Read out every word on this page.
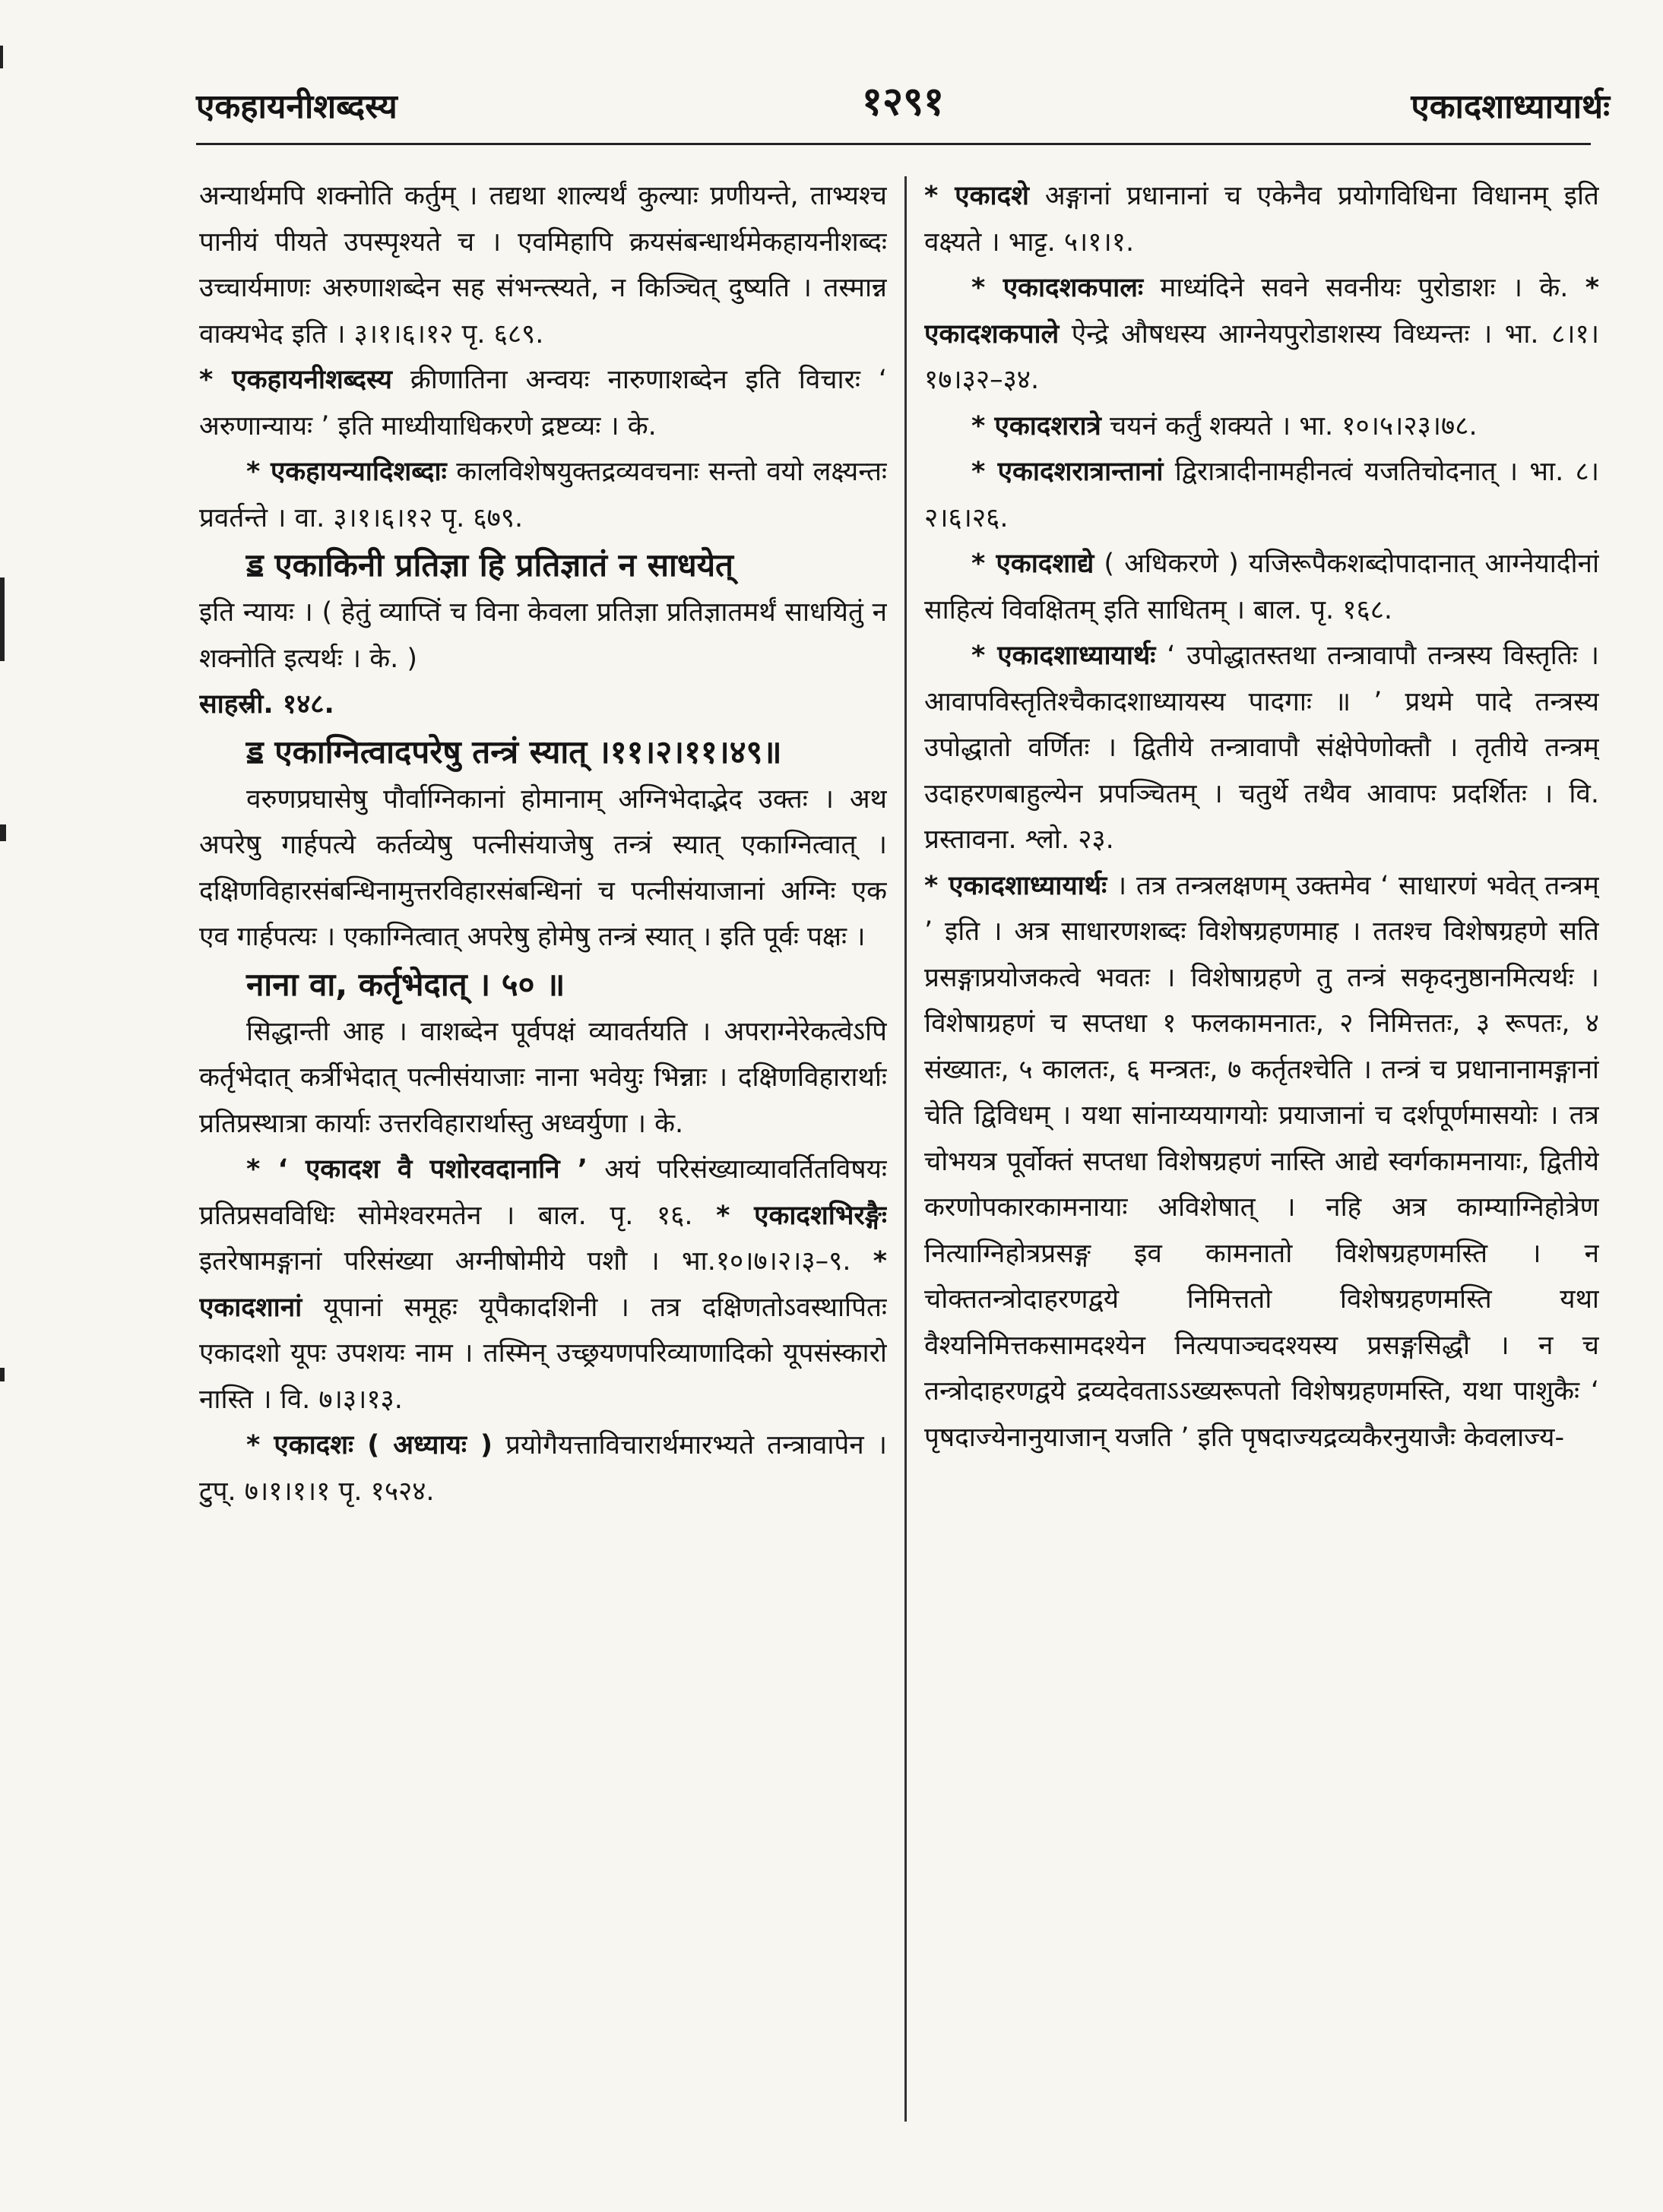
एकहायनीशब्दस्य	१२९१	एकादशाध्यायार्थः

अन्यार्थमपि शक्नोति कर्तुम् । तद्यथा शाल्यर्थं कुल्याः प्रणीयन्ते, ताभ्यश्च पानीयं पीयते उपस्पृश्यते च । एवमिहापि क्रयसंबन्धार्थमेकहायनीशब्दः उच्चार्यमाणः अरुणाशब्देन सह संभन्त्स्यते, न किञ्चित् दुष्यति । तस्मान्न वाक्यभेद इति । ३।१।६।१२ पृ. ६८९.

* एकहायनीशब्दस्य क्रीणातिना अन्वयः नारुणाशब्देन इति विचारः ‘ अरुणान्यायः ’ इति माध्यीयाधिकरणे द्रष्टव्यः । के.

* एकहायन्यादिशब्दाः कालविशेषयुक्तद्रव्यवचनाः सन्तो वयो लक्ष्यन्तः प्रवर्तन्ते । वा. ३।१।६।१२ पृ. ६७९.

ॾ एकाकिनी प्रतिज्ञा हि प्रतिज्ञातं न साधयेत्

इति न्यायः । ( हेतुं व्याप्तिं च विना केवला प्रतिज्ञा प्रतिज्ञातमर्थं साधयितुं न शक्नोति इत्यर्थः । के. )

साहस्री. १४८.

ॾ एकाग्नित्वादपरेषु तन्त्रं स्यात् ।११।२।११।४९॥

वरुणप्रघासेषु पौर्वाग्निकानां होमानाम् अग्निभेदाद्भेद उक्तः । अथ अपरेषु गार्हपत्ये कर्तव्येषु पत्नीसंयाजेषु तन्त्रं स्यात् एकाग्नित्वात् । दक्षिणविहारसंबन्धिनामुत्तरविहारसंबन्धिनां च पत्नीसंयाजानां अग्निः एक एव गार्हपत्यः । एकाग्नित्वात् अपरेषु होमेषु तन्त्रं स्यात् । इति पूर्वः पक्षः ।

नाना वा, कर्तृभेदात् । ५० ॥

सिद्धान्ती आह । वाशब्देन पूर्वपक्षं व्यावर्तयति । अपराग्नेरेकत्वेऽपि कर्तृभेदात् कर्त्रीभेदात् पत्नीसंयाजाः नाना भवेयुः भिन्नाः । दक्षिणविहारार्थाः प्रतिप्रस्थात्रा कार्याः उत्तरविहारार्थास्तु अध्वर्युणा । के.

* ‘ एकादश वै पशोरवदानानि ’ अयं परिसंख्याव्यावर्तितविषयः प्रतिप्रसवविधिः सोमेश्वरमतेन । बाल. पृ. १६. * एकादशभिरङ्गैः इतरेषामङ्गानां परिसंख्या अग्नीषोमीये पशौ । भा.१०।७।२।३–९. * एकादशानां यूपानां समूहः यूपैकादशिनी । तत्र दक्षिणतोऽवस्थापितः एकादशो यूपः उपशयः नाम । तस्मिन् उच्छ्रयणपरिव्याणादिको यूपसंस्कारो नास्ति । वि. ७।३।१३.

* एकादशः ( अध्यायः ) प्रयोगैयत्ताविचारार्थमारभ्यते तन्त्रावापेन । टुप्. ७।१।१।१ पृ. १५२४.

* एकादशे अङ्गानां प्रधानानां च एकेनैव प्रयोगविधिना विधानम् इति वक्ष्यते । भाट्ट. ५।१।१.

* एकादशकपालः माध्यंदिने सवने सवनीयः पुरोडाशः । के. * एकादशकपाले ऐन्द्रे औषधस्य आग्नेयपुरोडाशस्य विध्यन्तः । भा. ८।१।१७।३२–३४.

* एकादशरात्रे चयनं कर्तुं शक्यते । भा. १०।५।२३।७८.

* एकादशरात्रान्तानां द्विरात्रादीनामहीनत्वं यजतिचोदनात् । भा. ८।२।६।२६.

* एकादशाद्ये ( अधिकरणे ) यजिरूपैकशब्दोपादानात् आग्नेयादीनां साहित्यं विवक्षितम् इति साधितम् । बाल. पृ. १६८.

* एकादशाध्यायार्थः ‘ उपोद्धातस्तथा तन्त्रावापौ तन्त्रस्य विस्तृतिः । आवापविस्तृतिश्चैकादशाध्यायस्य पादगाः ॥ ’ प्रथमे पादे तन्त्रस्य उपोद्धातो वर्णितः । द्वितीये तन्त्रावापौ संक्षेपेणोक्तौ । तृतीये तन्त्रम् उदाहरणबाहुल्येन प्रपञ्चितम् । चतुर्थे तथैव आवापः प्रदर्शितः । वि. प्रस्तावना. श्लो. २३.

* एकादशाध्यायार्थः । तत्र तन्त्रलक्षणम् उक्तमेव ‘ साधारणं भवेत् तन्त्रम् ’ इति । अत्र साधारणशब्दः विशेषग्रहणमाह । ततश्च विशेषग्रहणे सति प्रसङ्गाप्रयोजकत्वे भवतः । विशेषाग्रहणे तु तन्त्रं सकृदनुष्ठानमित्यर्थः । विशेषाग्रहणं च सप्तधा १ फलकामनातः, २ निमित्ततः, ३ रूपतः, ४ संख्यातः, ५ कालतः, ६ मन्त्रतः, ७ कर्तृतश्चेति । तन्त्रं च प्रधानानामङ्गानां चेति द्विविधम् । यथा सांनाय्ययागयोः प्रयाजानां च दर्शपूर्णमासयोः । तत्र चोभयत्र पूर्वोक्तं सप्तधा विशेषग्रहणं नास्ति आद्ये स्वर्गकामनायाः, द्वितीये करणोपकारकामनायाः अविशेषात् । नहि अत्र काम्याग्निहोत्रेण नित्याग्निहोत्रप्रसङ्ग इव कामनातो विशेषग्रहणमस्ति । न चोक्ततन्त्रोदाहरणद्वये निमित्ततो विशेषग्रहणमस्ति यथा वैश्यनिमित्तकसामदश्येन नित्यपाञ्चदश्यस्य प्रसङ्गसिद्धौ । न च तन्त्रोदाहरणद्वये द्रव्यदेवताऽऽख्यरूपतो विशेषग्रहणमस्ति, यथा पाशुकैः ‘ पृषदाज्येनानुयाजान् यजति ’ इति पृषदाज्यद्रव्यकैरनुयाजैः केवलाज्य-
